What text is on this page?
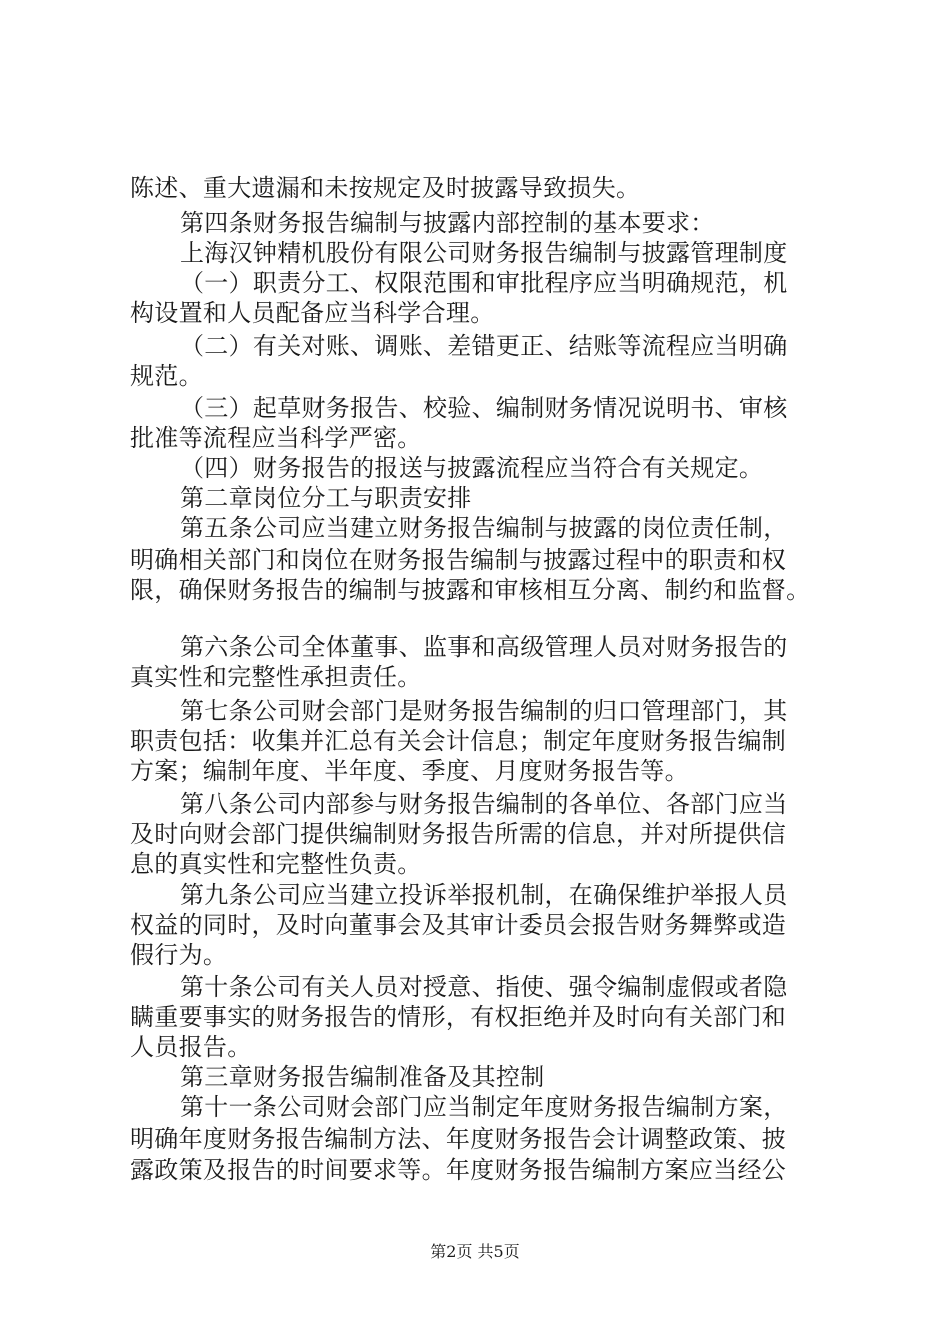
陈述、重大遗漏和未按规定及时披露导致损失。
第四条财务报告编制与披露内部控制的基本要求：
上海汉钟精机股份有限公司财务报告编制与披露管理制度
（一）职责分工、权限范围和审批程序应当明确规范，机
构设置和人员配备应当科学合理。
（二）有关对账、调账、差错更正、结账等流程应当明确
规范。
（三）起草财务报告、校验、编制财务情况说明书、审核
批准等流程应当科学严密。
（四）财务报告的报送与披露流程应当符合有关规定。
第二章岗位分工与职责安排
第五条公司应当建立财务报告编制与披露的岗位责任制，
明确相关部门和岗位在财务报告编制与披露过程中的职责和权
限，确保财务报告的编制与披露和审核相互分离、制约和监督。
第六条公司全体董事、监事和高级管理人员对财务报告的
真实性和完整性承担责任。
第七条公司财会部门是财务报告编制的归口管理部门，其
职责包括：收集并汇总有关会计信息；制定年度财务报告编制
方案；编制年度、半年度、季度、月度财务报告等。
第八条公司内部参与财务报告编制的各单位、各部门应当
及时向财会部门提供编制财务报告所需的信息，并对所提供信
息的真实性和完整性负责。
第九条公司应当建立投诉举报机制，在确保维护举报人员
权益的同时，及时向董事会及其审计委员会报告财务舞弊或造
假行为。
第十条公司有关人员对授意、指使、强令编制虚假或者隐
瞒重要事实的财务报告的情形，有权拒绝并及时向有关部门和
人员报告。
第三章财务报告编制准备及其控制
第十一条公司财会部门应当制定年度财务报告编制方案，
明确年度财务报告编制方法、年度财务报告会计调整政策、披
露政策及报告的时间要求等。年度财务报告编制方案应当经公
第2页 共5页
